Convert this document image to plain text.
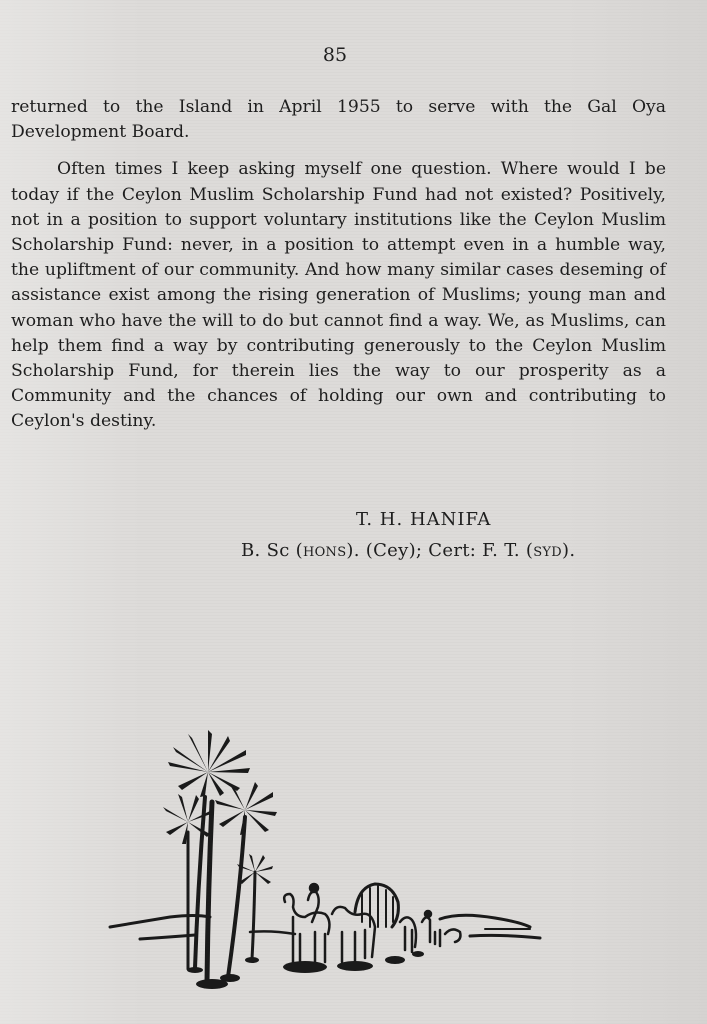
85

returned to the Island in April 1955 to serve with the Gal Oya Development Board.

Often times I keep asking myself one question. Where would I be today if the Ceylon Muslim Scholarship Fund had not existed? Positively, not in a position to support voluntary institutions like the Ceylon Muslim Scholarship Fund: never, in a position to attempt even in a humble way, the upliftment of our community. And how many similar cases deseming of assistance exist among the rising generation of Muslims; young man and woman who have the will to do but cannot find a way. We, as Muslims, can help them find a way by contributing generously to the Ceylon Muslim Scholarship Fund, for therein lies the way to our prosperity as a Community and the chances of holding our own and contributing to Ceylon's destiny.

T. H. HANIFA
B. Sc (hons). (Cey); Cert: F. T. (syd).
